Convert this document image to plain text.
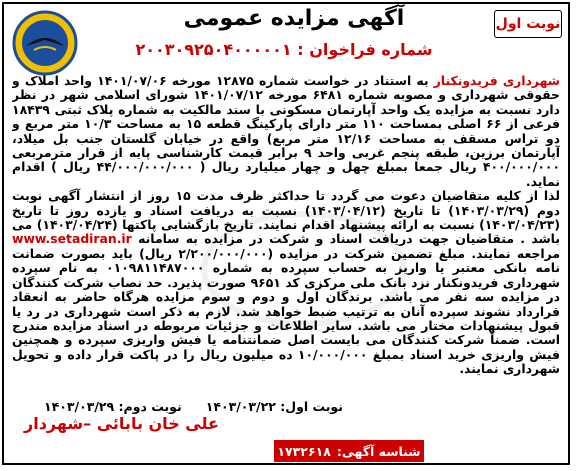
نوبت اول
آگهی مزایده عمومی
شماره فراخوان : ۲۰۰۳۰۹۲۵۰۴۰۰۰۰۰۱

شهرداری فریدونکنار به استناد در خواست شماره ۱۲۸۷۵ مورخه ۱۴۰۱/۰۷/۰۶ واحد املاک و حقوقی شهرداری و مصوبه شماره ۶۴۸۱ مورخه ۱۴۰۱/۰۷/۱۲ شورای اسلامی شهر در نظر دارد نسبت به مزایده یک واحد آپارتمان مسکونی با سند مالکیت به شماره پلاک ثبتی ۱۸۴۳۹ فرعی از ۶۶ اصلی بمساحت ۱۱۰ متر دارای پارکینگ قطعه ۱۵ به مساحت ۱۰/۳ متر مربع و دو تراس مسقف به مساحت ۱۲/۱۶ متر مربع) واقع در خیابان گلستان جنب بل میلاد، آپارتمان برزین، طبقه پنجم غربی واحد ۹ برابر قیمت کارشناسی پایه از قرار مترمربعی ۴۰۰/۰۰۰/۰۰۰ ریال جمعا بمبلغ چهل و چهار میلیارد ریال ( ۴۴/۰۰۰/۰۰۰/۰۰۰ ریال ) اقدام نماید.

لذا از کلیه متقاضیان دعوت می گردد تا حداکثر ظرف مدت ۱۵ روز از انتشار آگهی نوبت دوم (۱۴۰۳/۰۳/۲۹) تا تاریخ (۱۴۰۳/۰۴/۱۲) نسبت به دریافت اسناد و یازده روز تا تاریخ (۱۴۰۳/۰۴/۲۳) نسبت به ارائه پیشنهاد اقدام نمایند. تاریخ بازگشایی پاکتها (۱۴۰۳/۰۴/۲۴) می باشد . متقاضیان جهت دریافت اسناد و شرکت در مزایده به سامانه www.setadiran.ir مراجعه نمایند. مبلغ تضمین شرکت در مزایده (۲/۲۰۰/۰۰۰/۰۰۰ ریال) باید بصورت ضمانت نامه بانکی معتبر یا واریز به حساب سپرده به شماره ۰۱۰۹۸۱۱۴۸۷۰۰۰ به نام سپرده شهرداری فریدونکنار نزد بانک ملی مرکزی کد ۹۶۵۱ صورت پذیرد. حد نصاب شرکت کنندگان در مزایده سه نفر می باشد. برندگان اول و دوم و سوم مزایده هرگاه حاضر به انعقاد قرارداد نشوند سپرده آنان به ترتیب ضبط خواهد شد. لازم به ذکر است شهرداری در رد یا قبول پیشنهادات مختار می باشد. سایر اطلاعات و جزئیات مربوطه در اسناد مزایده مندرج است. ضمناً شرکت کنندگان می بایست اصل ضمانتنامه یا فیش واریزی سپرده و همچنین فیش واریزی خرید اسناد بمبلغ ۱۰/۰۰۰/۰۰۰ ده میلیون ریال را در پاکت قرار داده و تحویل شهرداری نمایند.

نوبت اول: ۱۴۰۳/۰۳/۲۲
نوبت دوم: ۱۴۰۳/۰۳/۲۹
علی خان بابائی –شهردار
شناسه آگهی:
۱۷۳۲۶۱۸
